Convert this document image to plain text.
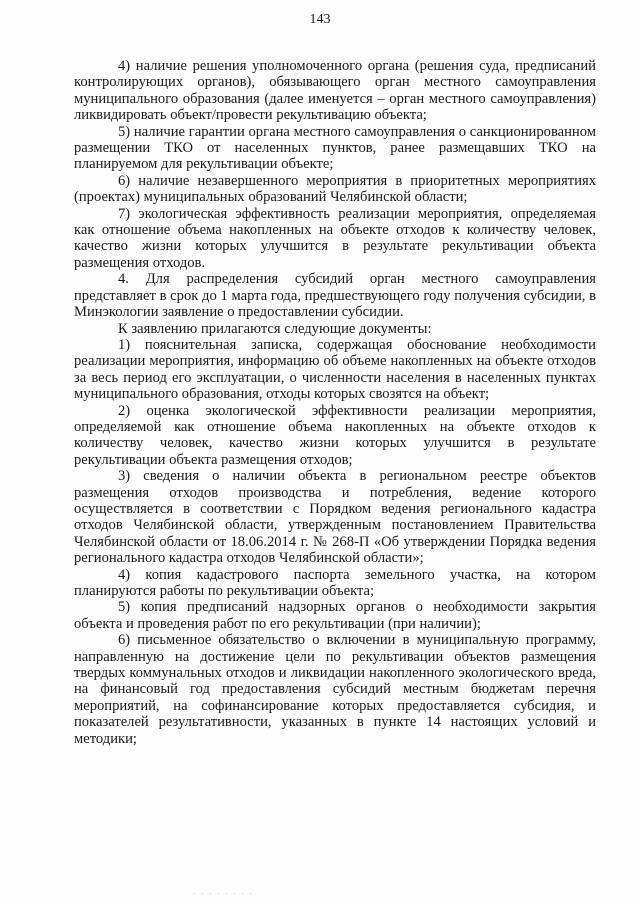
143

4) наличие решения уполномоченного органа (решения суда, предписаний контролирующих органов), обязывающего орган местного самоуправления муниципального образования (далее именуется – орган местного самоуправления) ликвидировать объект/провести рекультивацию объекта;

5) наличие гарантии органа местного самоуправления о санкционированном размещении ТКО от населенных пунктов, ранее размещавших ТКО на планируемом для рекультивации объекте;

6) наличие незавершенного мероприятия в приоритетных мероприятиях (проектах) муниципальных образований Челябинской области;

7) экологическая эффективность реализации мероприятия, определяемая как отношение объема накопленных на объекте отходов к количеству человек, качество жизни которых улучшится в результате рекультивации объекта размещения отходов.

4. Для распределения субсидий орган местного самоуправления представляет в срок до 1 марта года, предшествующего году получения субсидии, в Минэкологии заявление о предоставлении субсидии.

К заявлению прилагаются следующие документы:

1) пояснительная записка, содержащая обоснование необходимости реализации мероприятия, информацию об объеме накопленных на объекте отходов за весь период его эксплуатации, о численности населения в населенных пунктах муниципального образования, отходы которых свозятся на объект;

2) оценка экологической эффективности реализации мероприятия, определяемой как отношение объема накопленных на объекте отходов к количеству человек, качество жизни которых улучшится в результате рекультивации объекта размещения отходов;

3) сведения о наличии объекта в региональном реестре объектов размещения отходов производства и потребления, ведение которого осуществляется в соответствии с Порядком ведения регионального кадастра отходов Челябинской области, утвержденным постановлением Правительства Челябинской области от 18.06.2014 г. № 268-П «Об утверждении Порядка ведения регионального кадастра отходов Челябинской области»;

4) копия кадастрового паспорта земельного участка, на котором планируются работы по рекультивации объекта;

5) копия предписаний надзорных органов о необходимости закрытия объекта и проведения работ по его рекультивации (при наличии);

6) письменное обязательство о включении в муниципальную программу, направленную на достижение цели по рекультивации объектов размещения твердых коммунальных отходов и ликвидации накопленного экологического вреда, на финансовый год предоставления субсидий местным бюджетам перечня мероприятий, на софинансирование которых предоставляется субсидия, и показателей результативности, указанных в пункте 14 настоящих условий и методики;

· · · · · · · ·
